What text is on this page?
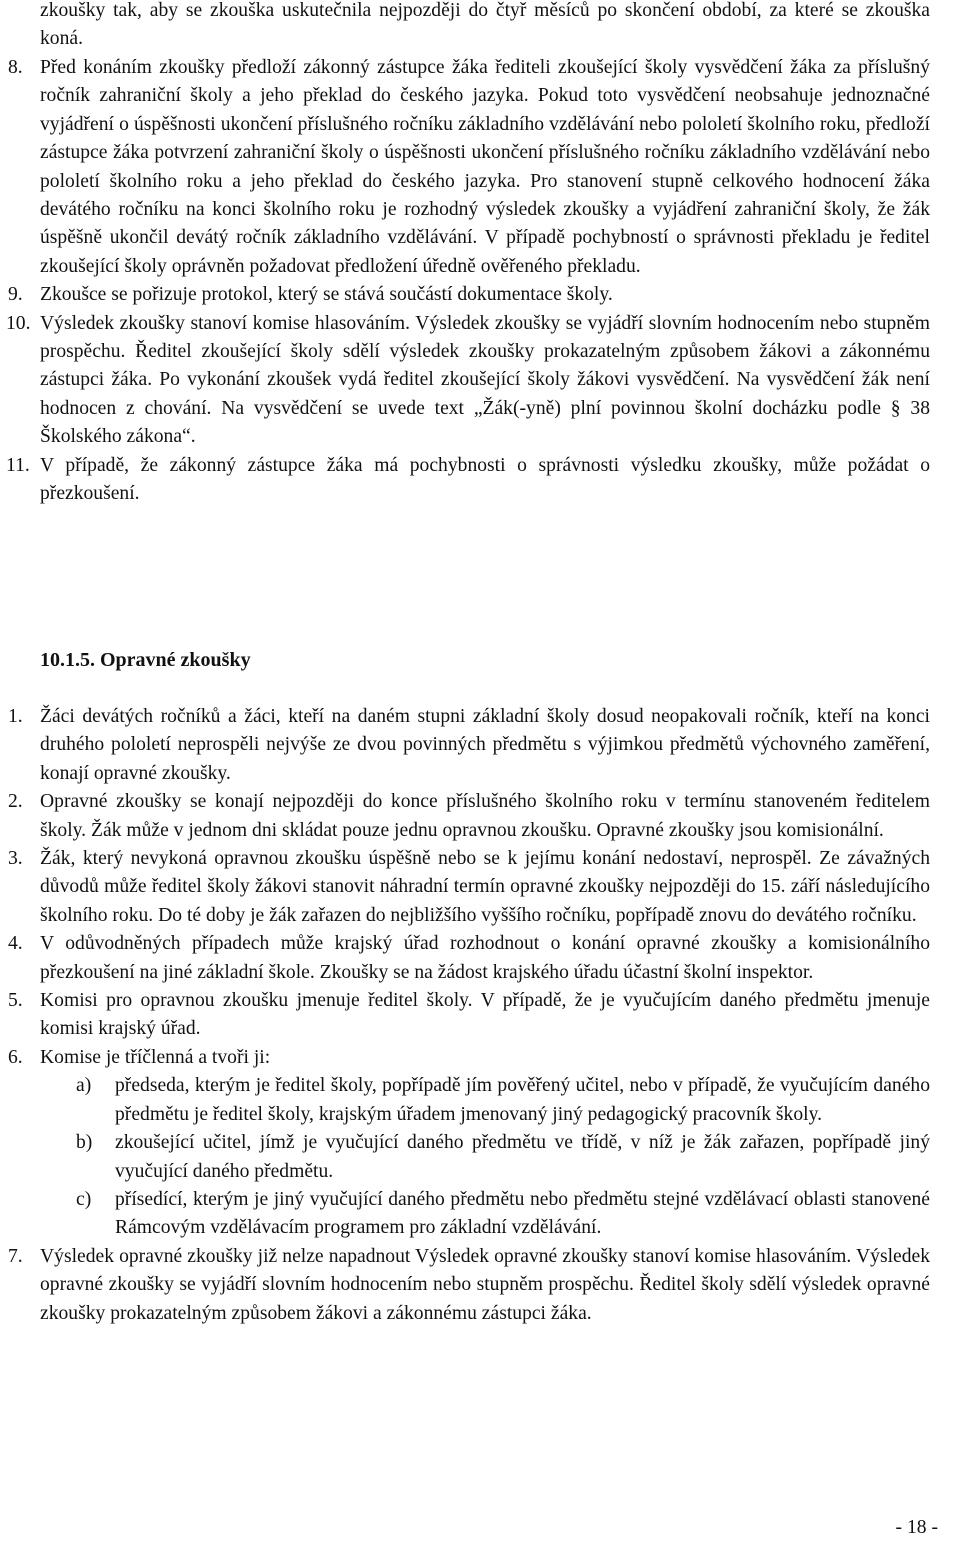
zkoušky tak, aby se zkouška uskutečnila nejpozději do čtyř měsíců po skončení období, za které se zkouška koná.
8. Před konáním zkoušky předloží zákonný zástupce žáka řediteli zkoušející školy vysvědčení žáka za příslušný ročník zahraniční školy a jeho překlad do českého jazyka. Pokud toto vysvědčení neobsahuje jednoznačné vyjádření o úspěšnosti ukončení příslušného ročníku základního vzdělávání nebo pololetí školního roku, předloží zástupce žáka potvrzení zahraniční školy o úspěšnosti ukončení příslušného ročníku základního vzdělávání nebo pololetí školního roku a jeho překlad do českého jazyka. Pro stanovení stupně celkového hodnocení žáka devátého ročníku na konci školního roku je rozhodný výsledek zkoušky a vyjádření zahraniční školy, že žák úspěšně ukončil devátý ročník základního vzdělávání. V případě pochybností o správnosti překladu je ředitel zkoušející školy oprávněn požadovat předložení úředně ověřeného překladu.
9. Zkoušce se pořizuje protokol, který se stává součástí dokumentace školy.
10. Výsledek zkoušky stanoví komise hlasováním. Výsledek zkoušky se vyjádří slovním hodnocením nebo stupněm prospěchu. Ředitel zkoušející školy sdělí výsledek zkoušky prokazatelným způsobem žákovi a zákonnému zástupci žáka. Po vykonání zkoušek vydá ředitel zkoušející školy žákovi vysvědčení. Na vysvědčení žák není hodnocen z chování. Na vysvědčení se uvede text „Žák(-yně) plní povinnou školní docházku podle § 38 Školského zákona“.
11. V případě, že zákonný zástupce žáka má pochybnosti o správnosti výsledku zkoušky, může požádat o přezkoušení.
10.1.5. Opravné zkoušky
1. Žáci devátých ročníků a žáci, kteří na daném stupni základní školy dosud neopakovali ročník, kteří na konci druhého pololetí neprospěli nejvýše ze dvou povinných předmětu s výjimkou předmětů výchovného zaměření, konají opravné zkoušky.
2. Opravné zkoušky se konají nejpozději do konce příslušného školního roku v termínu stanoveném ředitelem školy. Žák může v jednom dni skládat pouze jednu opravnou zkoušku. Opravné zkoušky jsou komisionální.
3. Žák, který nevykoná opravnou zkoušku úspěšně nebo se k jejímu konání nedostaví, neprospěl. Ze závažných důvodů může ředitel školy žákovi stanovit náhradní termín opravné zkoušky nejpozději do 15. září následujícího školního roku. Do té doby je žák zařazen do nejbližšího vyššího ročníku, popřípadě znovu do devátého ročníku.
4. V odůvodněných případech může krajský úřad rozhodnout o konání opravné zkoušky a komisionálního přezkoušení na jiné základní škole. Zkoušky se na žádost krajského úřadu účastní školní inspektor.
5. Komisi pro opravnou zkoušku jmenuje ředitel školy. V případě, že je vyučujícím daného předmětu jmenuje komisi krajský úřad.
6. Komise je tříčlenná a tvoři ji:
a) předseda, kterým je ředitel školy, popřípadě jím pověřený učitel, nebo v případě, že vyučujícím daného předmětu je ředitel školy, krajským úřadem jmenovaný jiný pedagogický pracovník školy.
b) zkoušející učitel, jímž je vyučující daného předmětu ve třídě, v níž je žák zařazen, popřípadě jiný vyučující daného předmětu.
c) přísedící, kterým je jiný vyučující daného předmětu nebo předmětu stejné vzdělávací oblasti stanovené Rámcovým vzdělávacím programem pro základní vzdělávání.
7. Výsledek opravné zkoušky již nelze napadnout Výsledek opravné zkoušky stanoví komise hlasováním. Výsledek opravné zkoušky se vyjádří slovním hodnocením nebo stupněm prospěchu. Ředitel školy sdělí výsledek opravné zkoušky prokazatelným způsobem žákovi a zákonnému zástupci žáka.
- 18 -
